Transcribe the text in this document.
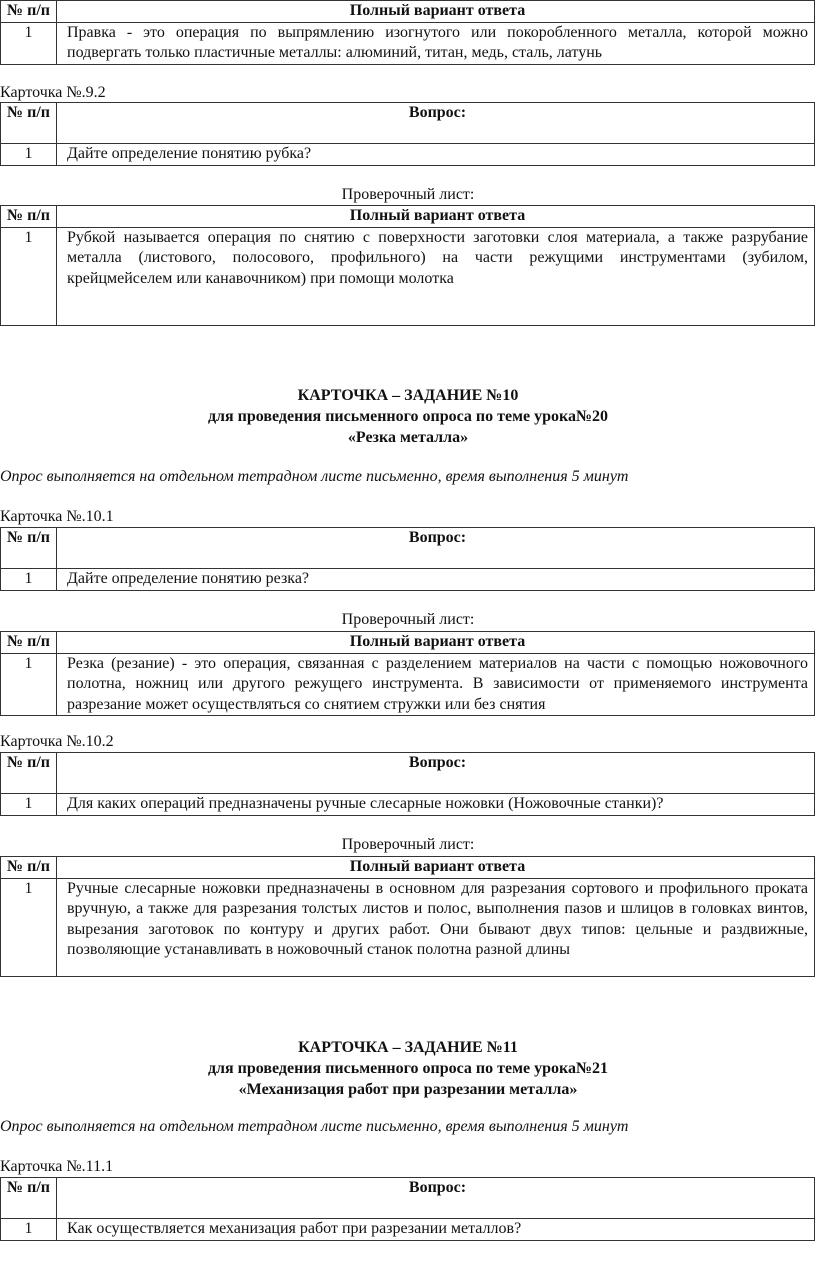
№ п/п	Полный вариант ответа
1	Правка - это операция по выпрямлению изогнутого или покоробленного металла, которой можно подвергать только пластичные металлы: алюминий, титан, медь, сталь, латунь
Карточка №.9.2
№ п/п	Вопрос:
1	Дайте определение понятию рубка?
Проверочный лист:
№ п/п	Полный вариант ответа
1	Рубкой называется операция по снятию с поверхности заготовки слоя материала, а также разрубание металла (листового, полосового, профильного) на части режущими инструментами (зубилом, крейцмейселем или канавочником) при помощи молотка
КАРТОЧКА – ЗАДАНИЕ №10
для проведения письменного опроса по теме урока№20
«Резка металла»
Опрос выполняется на отдельном тетрадном листе письменно, время выполнения 5 минут
Карточка №.10.1
№ п/п	Вопрос:
1	Дайте определение понятию резка?
Проверочный лист:
№ п/п	Полный вариант ответа
1	Резка (резание) - это операция, связанная с разделением материалов на части с помощью ножовочного полотна, ножниц или другого режущего инструмента. В зависимости от применяемого инструмента разрезание может осуществляться со снятием стружки или без снятия
Карточка №.10.2
№ п/п	Вопрос:
1	Для каких операций предназначены ручные слесарные ножовки (Ножовочные станки)?
Проверочный лист:
№ п/п	Полный вариант ответа
1	Ручные слесарные ножовки предназначены в основном для разрезания сортового и профильного проката вручную, а также для разрезания толстых листов и полос, выполнения пазов и шлицов в головках винтов, вырезания заготовок по контуру и других работ. Они бывают двух типов: цельные и раздвижные, позволяющие устанавливать в ножовочный станок полотна разной длины
КАРТОЧКА – ЗАДАНИЕ №11
для проведения письменного опроса по теме урока№21
«Механизация работ при разрезании металла»
Опрос выполняется на отдельном тетрадном листе письменно, время выполнения 5 минут
Карточка №.11.1
№ п/п	Вопрос:
1	Как осуществляется механизация работ при разрезании металлов?
